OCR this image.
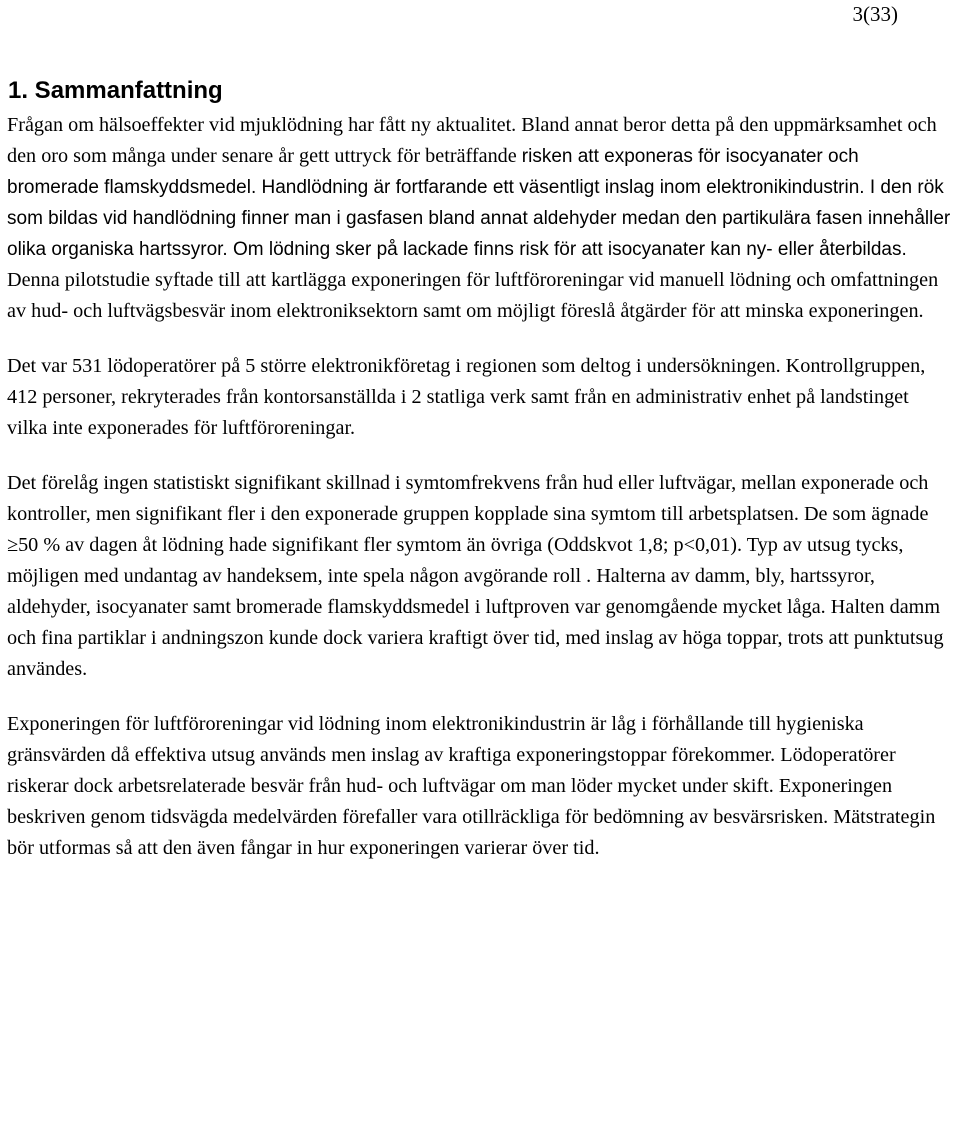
3(33)
1. Sammanfattning

Frågan om hälsoeffekter vid mjuklödning har fått ny aktualitet. Bland annat beror detta på den uppmärksamhet och den oro som många under senare år gett uttryck för beträffande risken att exponeras för isocyanater och bromerade flamskyddsmedel. Handlödning är fortfarande ett väsentligt inslag inom elektronikindustrin. I den rök som bildas vid handlödning finner man i gasfasen bland annat aldehyder medan den partikulära fasen innehåller olika organiska hartssyror. Om lödning sker på lackade finns risk för att isocyanater kan ny- eller återbildas. Denna pilotstudie syftade till att kartlägga exponeringen för luftföroreningar vid manuell lödning och omfattningen av hud- och luftvägsbesvär inom elektroniksektorn samt om möjligt föreslå åtgärder för att minska exponeringen.

Det var 531 lödoperatörer på 5 större elektronikföretag i regionen som deltog i undersökningen. Kontrollgruppen, 412 personer, rekryterades från kontorsanställda i 2 statliga verk samt från en administrativ enhet på landstinget vilka inte exponerades för luftföroreningar.

Det förelåg ingen statistiskt signifikant skillnad i symtomfrekvens från hud eller luftvägar, mellan exponerade och kontroller, men signifikant fler i den exponerade gruppen kopplade sina symtom till arbetsplatsen. De som ägnade ≥50 % av dagen åt lödning hade signifikant fler symtom än övriga (Oddskvot 1,8; p<0,01). Typ av utsug tycks, möjligen med undantag av handeksem, inte spela någon avgörande roll . Halterna av damm, bly, hartssyror, aldehyder, isocyanater samt bromerade flamskyddsmedel i luftproven var genomgående mycket låga. Halten damm och fina partiklar i andningszon kunde dock variera kraftigt över tid, med inslag av höga toppar, trots att punktutsug användes.

Exponeringen för luftföroreningar vid lödning inom elektronikindustrin är låg i förhållande till hygieniska gränsvärden då effektiva utsug används men inslag av kraftiga exponeringstoppar förekommer. Lödoperatörer riskerar dock arbetsrelaterade besvär från hud- och luftvägar om man löder mycket under skift. Exponeringen beskriven genom tidsvägda medelvärden förefaller vara otillräckliga för bedömning av besvärsrisken. Mätstrategin bör utformas så att den även fångar in hur exponeringen varierar över tid.
